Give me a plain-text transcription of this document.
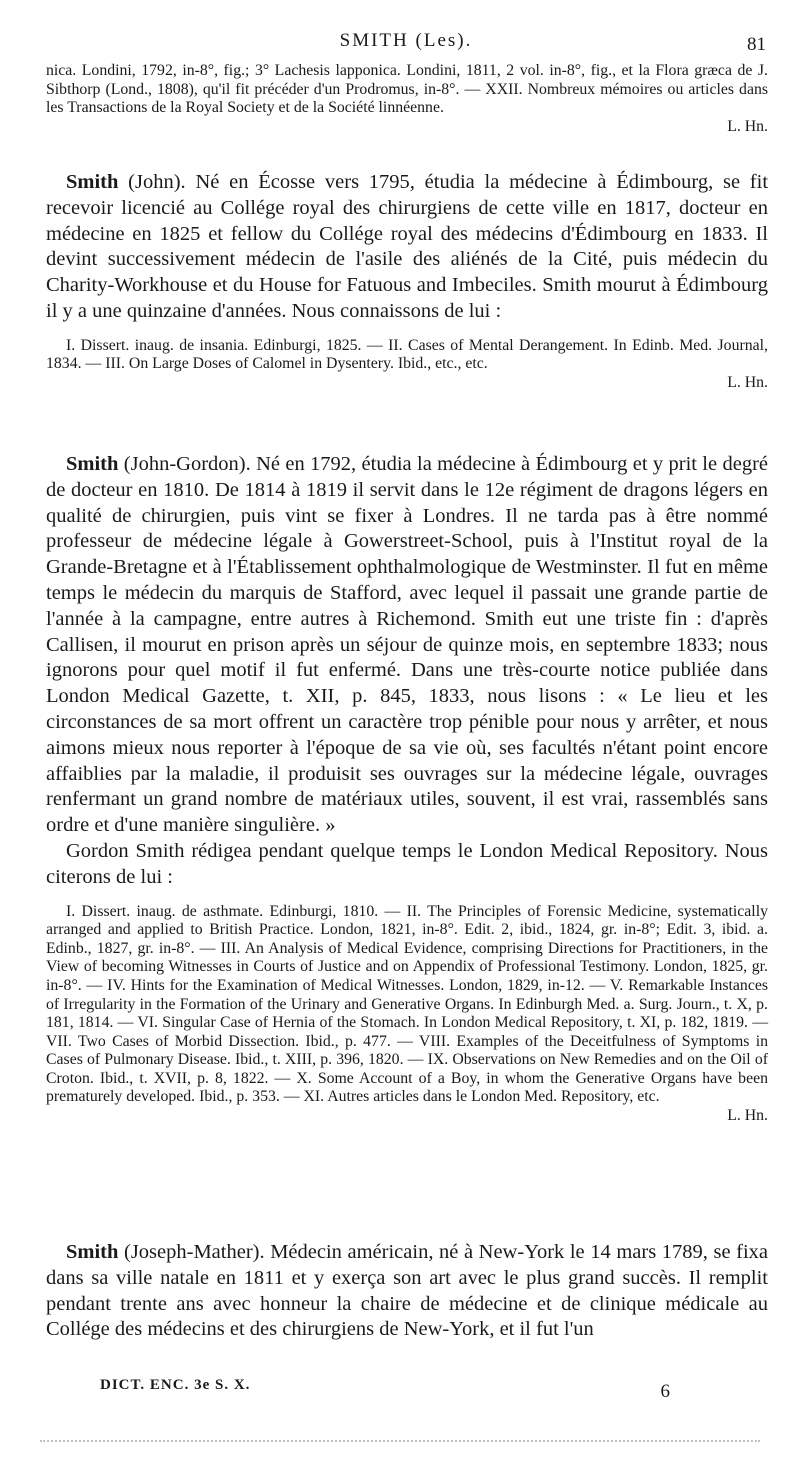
SMITH (Les).	81

nica. Londini, 1792, in-8°, fig.; 3° Lachesis lapponica. Londini, 1811, 2 vol. in-8°, fig., et la Flora græca de J. Sibthorp (Lond., 1808), qu'il fit précéder d'un Prodromus, in-8°. — XXII. Nombreux mémoires ou articles dans les Transactions de la Royal Society et de la Société linnéenne.

L. Hn.

Smith (John). Né en Écosse vers 1795, étudia la médecine à Édimbourg, se fit recevoir licencié au Collége royal des chirurgiens de cette ville en 1817, docteur en médecine en 1825 et fellow du Collége royal des médecins d'Édimbourg en 1833. Il devint successivement médecin de l'asile des aliénés de la Cité, puis médecin du Charity-Workhouse et du House for Fatuous and Imbeciles. Smith mourut à Édimbourg il y a une quinzaine d'années. Nous connaissons de lui :

I. Dissert. inaug. de insania. Edinburgi, 1825. — II. Cases of Mental Derangement. In Edinb. Med. Journal, 1834. — III. On Large Doses of Calomel in Dysentery. Ibid., etc., etc.

L. Hn.

Smith (John-Gordon). Né en 1792, étudia la médecine à Édimbourg et y prit le degré de docteur en 1810. De 1814 à 1819 il servit dans le 12e régiment de dragons légers en qualité de chirurgien, puis vint se fixer à Londres. Il ne tarda pas à être nommé professeur de médecine légale à Gowerstreet-School, puis à l'Institut royal de la Grande-Bretagne et à l'Établissement ophthalmologique de Westminster. Il fut en même temps le médecin du marquis de Stafford, avec lequel il passait une grande partie de l'année à la campagne, entre autres à Richemond. Smith eut une triste fin : d'après Callisen, il mourut en prison après un séjour de quinze mois, en septembre 1833; nous ignorons pour quel motif il fut enfermé. Dans une très-courte notice publiée dans London Medical Gazette, t. XII, p. 845, 1833, nous lisons : « Le lieu et les circonstances de sa mort offrent un caractère trop pénible pour nous y arrêter, et nous aimons mieux nous reporter à l'époque de sa vie où, ses facultés n'étant point encore affaiblies par la maladie, il produisit ses ouvrages sur la médecine légale, ouvrages renfermant un grand nombre de matériaux utiles, souvent, il est vrai, rassemblés sans ordre et d'une manière singulière. »

Gordon Smith rédigea pendant quelque temps le London Medical Repository. Nous citerons de lui :

I. Dissert. inaug. de asthmate. Edinburgi, 1810. — II. The Principles of Forensic Medicine, systematically arranged and applied to British Practice. London, 1821, in-8°. Edit. 2, ibid., 1824, gr. in-8°; Edit. 3, ibid. a. Edinb., 1827, gr. in-8°. — III. An Analysis of Medical Evidence, comprising Directions for Practitioners, in the View of becoming Witnesses in Courts of Justice and on Appendix of Professional Testimony. London, 1825, gr. in-8°. — IV. Hints for the Examination of Medical Witnesses. London, 1829, in-12. — V. Remarkable Instances of Irregularity in the Formation of the Urinary and Generative Organs. In Edinburgh Med. a. Surg. Journ., t. X, p. 181, 1814. — VI. Singular Case of Hernia of the Stomach. In London Medical Repository, t. XI, p. 182, 1819. — VII. Two Cases of Morbid Dissection. Ibid., p. 477. — VIII. Examples of the Deceitfulness of Symptoms in Cases of Pulmonary Disease. Ibid., t. XIII, p. 396, 1820. — IX. Observations on New Remedies and on the Oil of Croton. Ibid., t. XVII, p. 8, 1822. — X. Some Account of a Boy, in whom the Generative Organs have been prematurely developed. Ibid., p. 353. — XI. Autres articles dans le London Med. Repository, etc.

L. Hn.

Smith (Joseph-Mather). Médecin américain, né à New-York le 14 mars 1789, se fixa dans sa ville natale en 1811 et y exerça son art avec le plus grand succès. Il remplit pendant trente ans avec honneur la chaire de médecine et de clinique médicale au Collége des médecins et des chirurgiens de New-York, et il fut l'un

DICT. ENC. 3e S. X.	6
